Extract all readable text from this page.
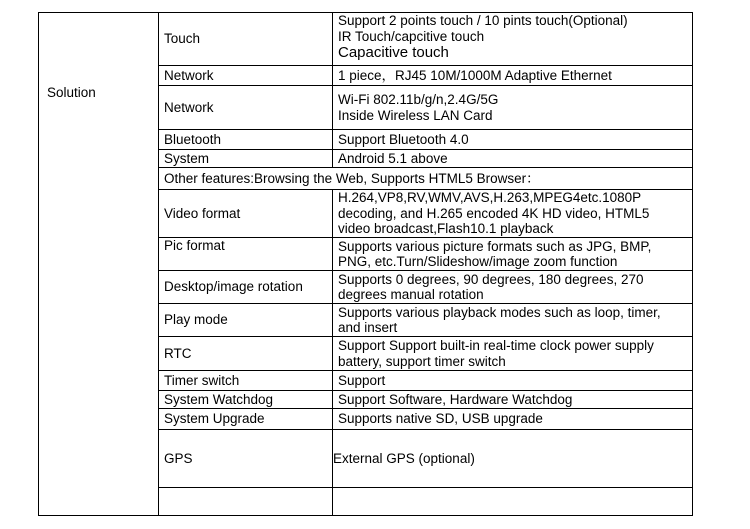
Solution	Touch	Support 2 points touch / 10 pints touch(Optional)
IR Touch/capcitive touch
Capacitive touch

	Network	1 piece，RJ45 10M/1000M Adaptive Ethernet
	Network	Wi-Fi 802.11b/g/n,2.4G/5G
Inside Wireless LAN Card

	Bluetooth	Support Bluetooth 4.0
	System	Android 5.1 above
	Other features:Browsing the Web, Supports HTML5 Browser：	
	Video format	H.264,VP8,RV,WMV,AVS,H.263,MPEG4etc.1080P
decoding, and H.265 encoded 4K HD video, HTML5
video broadcast,Flash10.1 playback

	Pic format	Supports various picture formats such as JPG, BMP,
PNG, etc.Turn/Slideshow/image zoom function

	Desktop/image rotation	Supports 0 degrees, 90 degrees, 180 degrees, 270
degrees manual rotation

	Play mode	Supports various playback modes such as loop, timer,
and insert

	RTC	Support Support built-in real-time clock power supply
battery, support timer switch

	Timer switch	Support
	System Watchdog	Support Software, Hardware Watchdog
	System Upgrade	Supports native SD, USB upgrade
	GPS	External GPS (optional)
